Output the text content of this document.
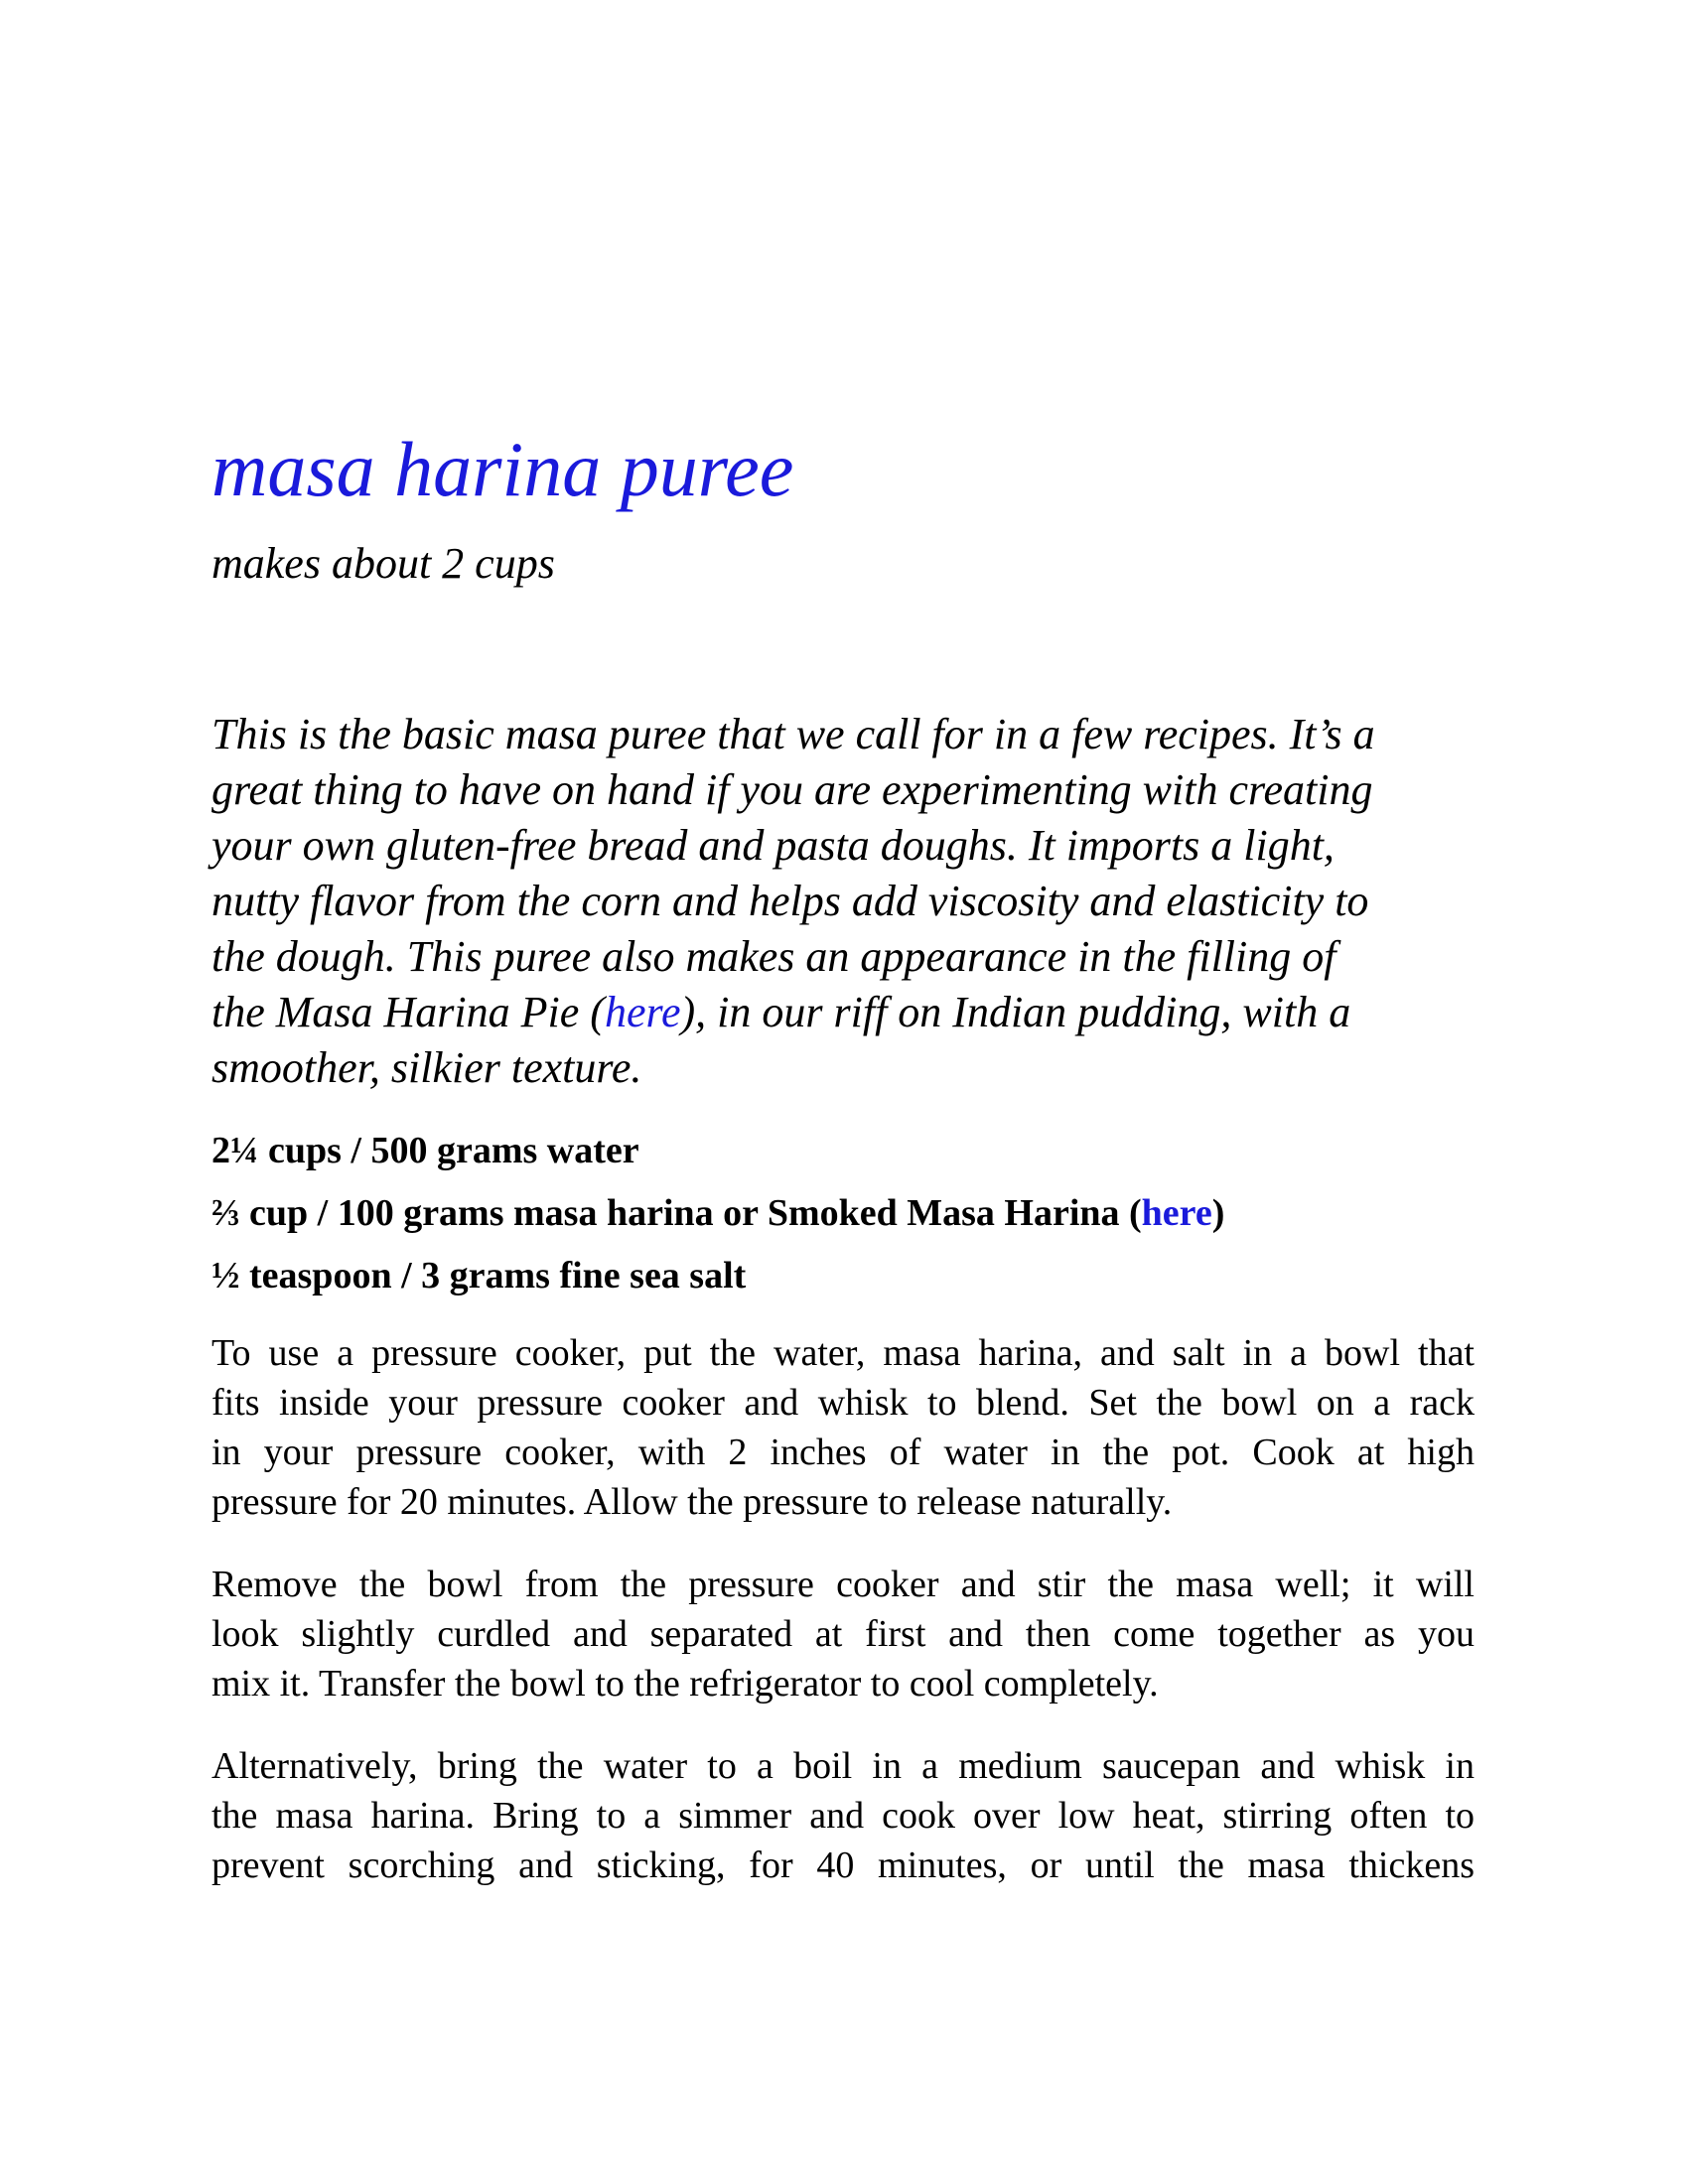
masa harina puree

makes about 2 cups

This is the basic masa puree that we call for in a few recipes. It’s a
great thing to have on hand if you are experimenting with creating
your own gluten-free bread and pasta doughs. It imports a light,
nutty flavor from the corn and helps add viscosity and elasticity to
the dough. This puree also makes an appearance in the filling of
the Masa Harina Pie (here), in our riff on Indian pudding, with a
smoother, silkier texture.
2¼ cups / 500 grams water
⅔ cup / 100 grams masa harina or Smoked Masa Harina (here)
½ teaspoon / 3 grams fine sea salt
To use a pressure cooker, put the water, masa harina, and salt in a bowl that
fits inside your pressure cooker and whisk to blend. Set the bowl on a rack
in your pressure cooker, with 2 inches of water in the pot. Cook at high
pressure for 20 minutes. Allow the pressure to release naturally.
Remove the bowl from the pressure cooker and stir the masa well; it will
look slightly curdled and separated at first and then come together as you
mix it. Transfer the bowl to the refrigerator to cool completely.
Alternatively, bring the water to a boil in a medium saucepan and whisk in
the masa harina. Bring to a simmer and cook over low heat, stirring often to
prevent scorching and sticking, for 40 minutes, or until the masa thickens
